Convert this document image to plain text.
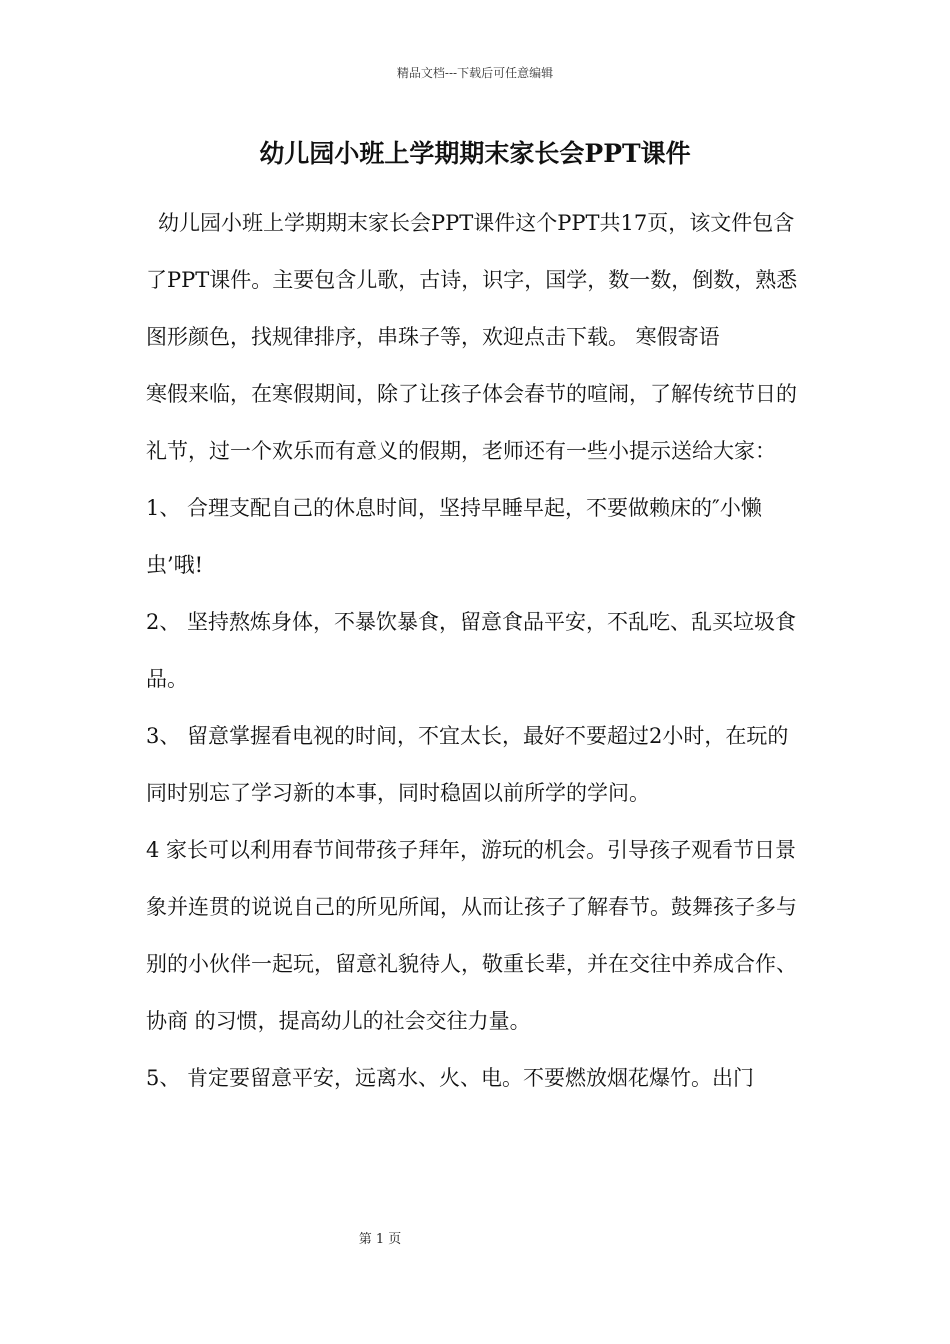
精品文档---下载后可任意编辑
幼儿园小班上学期期末家长会PPT课件

幼儿园小班上学期期末家长会PPT课件这个PPT共17页，该文件包含了PPT课件。主要包含儿歌，古诗，识字，国学，数一数，倒数，熟悉图形颜色，找规律排序，串珠子等，欢迎点击下载。 寒假寄语

寒假来临，在寒假期间，除了让孩子体会春节的喧闹，了解传统节日的礼节，过一个欢乐而有意义的假期，老师还有一些小提示送给大家：

1、 合理支配自己的休息时间，坚持早睡早起，不要做赖床的″小懒虫’哦!

2、 坚持熬炼身体，不暴饮暴食，留意食品平安，不乱吃、乱买垃圾食品。

3、 留意掌握看电视的时间，不宜太长，最好不要超过2小时，在玩的同时别忘了学习新的本事，同时稳固以前所学的学问。

4 家长可以利用春节间带孩子拜年，游玩的机会。引导孩子观看节日景象并连贯的说说自己的所见所闻，从而让孩子了解春节。鼓舞孩子多与别的小伙伴一起玩，留意礼貌待人，敬重长辈，并在交往中养成合作、协商 的习惯，提高幼儿的社会交往力量。

5、 肯定要留意平安，远离水、火、电。不要燃放烟花爆竹。出门

第 1 页
